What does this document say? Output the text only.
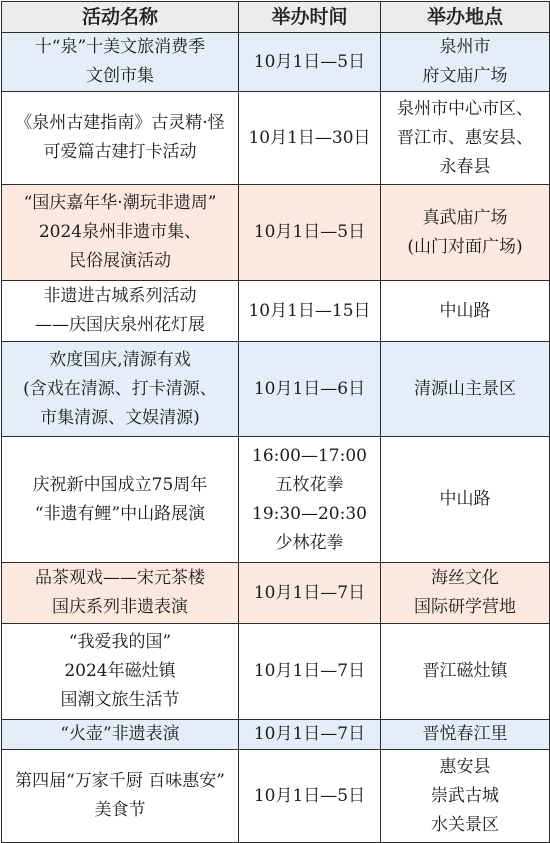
活动名称	举办时间	举办地点

十“泉”十美文旅消费季
文创市集	10月1日—5日	泉州市
府文庙广场

《泉州古建指南》古灵精·怪
可爱篇古建打卡活动	10月1日—30日	泉州市中心市区、
晋江市、惠安县、
永春县

“国庆嘉年华·潮玩非遗周”
2024泉州非遗市集、
民俗展演活动	10月1日—5日	真武庙广场
(山门对面广场)

非遗进古城系列活动
——庆国庆泉州花灯展	10月1日—15日	中山路

欢度国庆,清源有戏
(含戏在清源、打卡清源、
市集清源、文娱清源)	10月1日—6日	清源山主景区

庆祝新中国成立75周年
“非遗有鲤”中山路展演	16:00—17:00
五枚花拳
19:30—20:30
少林花拳	中山路

品茶观戏——宋元茶楼
国庆系列非遗表演	10月1日—7日	海丝文化
国际研学营地

“我爱我的国”
2024年磁灶镇
国潮文旅生活节	10月1日—7日	晋江磁灶镇

“火壶”非遗表演	10月1日—7日	晋悦春江里

第四届“万家千厨 百味惠安”
美食节	10月1日—5日	惠安县
崇武古城
水关景区
